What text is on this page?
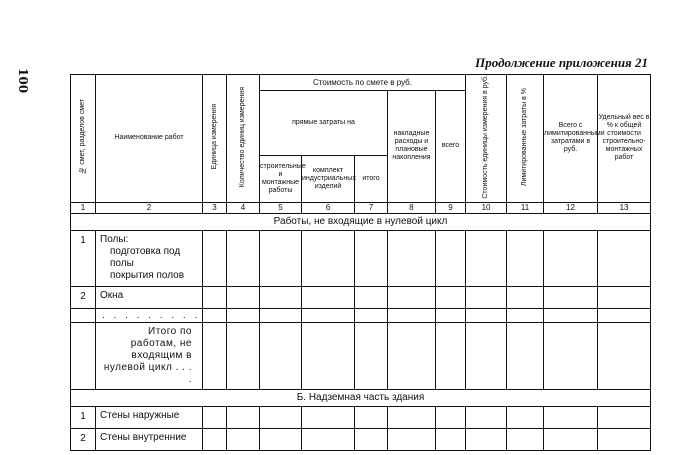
100
Продолжение приложения 21
№ смет, разделов смет	Наименование работ	Единица измерения	Количество единиц измерения	Стоимость по смете в руб.					Стоимость единицы измерения в руб.	Лимитированные затраты в %	Всего с лимитированными затратами в руб.	Удельный вес в % к общей стоимости строительно-монтажных работ
				прямые затраты на			накладные расходы и плановые накопления	всего				
				строительные и монтажные работы	комплект индустриальных изделий	итого						
1	2	3	4	5	6	7	8	9	10	11	12	13
Работы, не входящие в нулевой цикл												
1	Полы:
подготовка под полы
покрытия полов											

2	Окна											
	. . . . . . . . .											
	Итого по работам, не входящим в нулевой цикл . . . .											
Б. Надземная часть здания												
1	Стены наружные											
2	Стены внутренние											
